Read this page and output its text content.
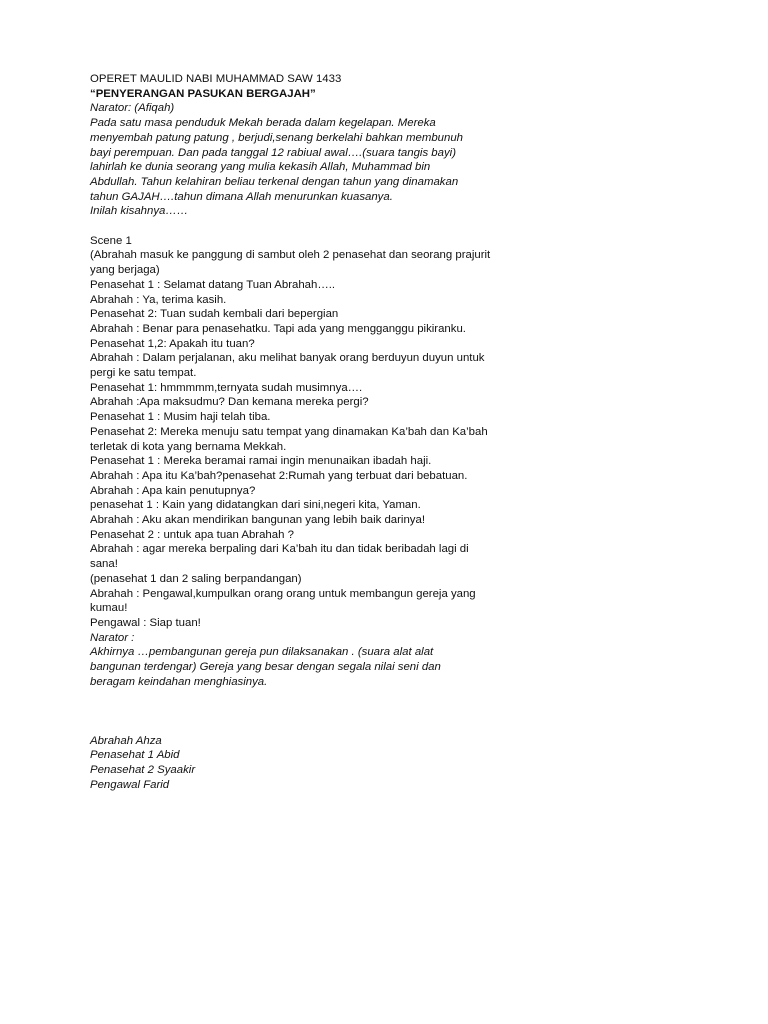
OPERET MAULID NABI MUHAMMAD SAW 1433
“PENYERANGAN PASUKAN BERGAJAH”
Narator: (Afiqah)
Pada satu masa penduduk Mekah berada dalam kegelapan. Mereka
menyembah patung patung , berjudi,senang berkelahi bahkan membunuh
bayi perempuan. Dan pada tanggal 12 rabiual awal….(suara tangis bayi)
lahirlah ke dunia seorang yang mulia kekasih Allah, Muhammad bin
Abdullah. Tahun kelahiran beliau terkenal dengan tahun yang dinamakan
tahun GAJAH….tahun dimana Allah menurunkan kuasanya.
Inilah kisahnya……
Scene 1
(Abrahah masuk ke panggung di sambut oleh 2 penasehat dan seorang prajurit
yang berjaga)
Penasehat 1 : Selamat datang Tuan Abrahah…..
Abrahah : Ya, terima kasih.
Penasehat 2: Tuan sudah kembali dari bepergian
Abrahah : Benar para penasehatku. Tapi ada yang mengganggu pikiranku.
Penasehat 1,2: Apakah itu tuan?
Abrahah : Dalam perjalanan, aku melihat banyak orang berduyun duyun untuk
pergi ke satu tempat.
Penasehat 1: hmmmmm,ternyata sudah musimnya….
Abrahah :Apa maksudmu? Dan kemana mereka pergi?
Penasehat 1 : Musim haji telah tiba.
Penasehat 2: Mereka menuju satu tempat yang dinamakan Ka’bah dan Ka’bah
terletak di kota yang bernama Mekkah.
Penasehat 1 : Mereka beramai ramai ingin menunaikan ibadah haji.
Abrahah : Apa itu Ka’bah?penasehat 2:Rumah yang terbuat dari bebatuan.
Abrahah : Apa kain penutupnya?
penasehat 1 : Kain yang didatangkan dari sini,negeri kita, Yaman.
Abrahah : Aku akan mendirikan bangunan yang lebih baik darinya!
Penasehat 2 : untuk apa tuan Abrahah ?
Abrahah : agar mereka berpaling dari Ka’bah itu dan tidak beribadah lagi di
sana!
(penasehat 1 dan 2 saling berpandangan)
Abrahah : Pengawal,kumpulkan orang orang untuk membangun gereja yang
kumau!
Pengawal : Siap tuan!
Narator :
Akhirnya …pembangunan gereja pun dilaksanakan . (suara alat alat
bangunan terdengar) Gereja yang besar dengan segala nilai seni dan
beragam keindahan menghiasinya.
Abrahah Ahza
Penasehat 1 Abid
Penasehat 2 Syaakir
Pengawal Farid
